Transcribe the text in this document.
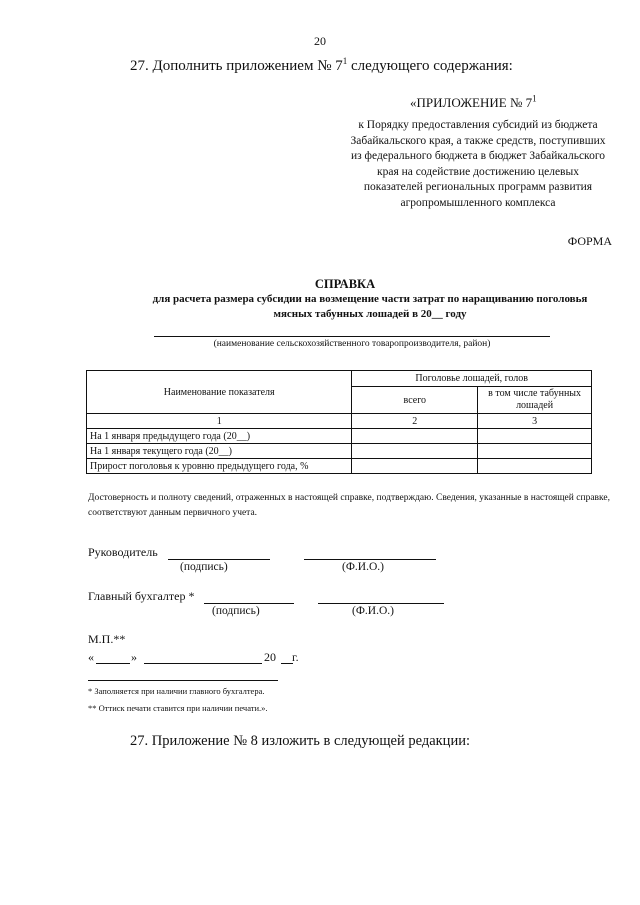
20
27. Дополнить приложением № $7^1$ следующего содержания:
«ПРИЛОЖЕНИЕ № $7^1$
к Порядку предоставления субсидий из бюджета
Забайкальского края, а также средств, поступивших
из федерального бюджета в бюджет Забайкальского
края на содействие достижению целевых
показателей региональных программ развития
агропромышленного комплекса
ФОРМА
СПРАВКА
для расчета размера субсидии на возмещение части затрат по наращиванию поголовья
мясных табунных лошадей в 20__ году
(наименование сельскохозяйственного товаропроизводителя, район)
Наименование показателя	Поголовье лошадей, голов	
	всего	в том числе табунных лошадей
1	2	3
На 1 января предыдущего года (20__)		
На 1 января текущего года (20__)		
Прирост поголовья к уровню предыдущего года, %		
Достоверность и полноту сведений, отраженных в настоящей справке, подтверждаю. Сведения, указанные в настоящей справке, соответствуют данным первичного учета.
Руководитель
(подпись)	(Ф.И.О.)
Главный бухгалтер *
(подпись)	(Ф.И.О.)
М.П.**
«	»	20 г.
* Заполняется при наличии главного бухгалтера.
** Оттиск печати ставится при наличии печати.».
27. Приложение № 8 изложить в следующей редакции:
